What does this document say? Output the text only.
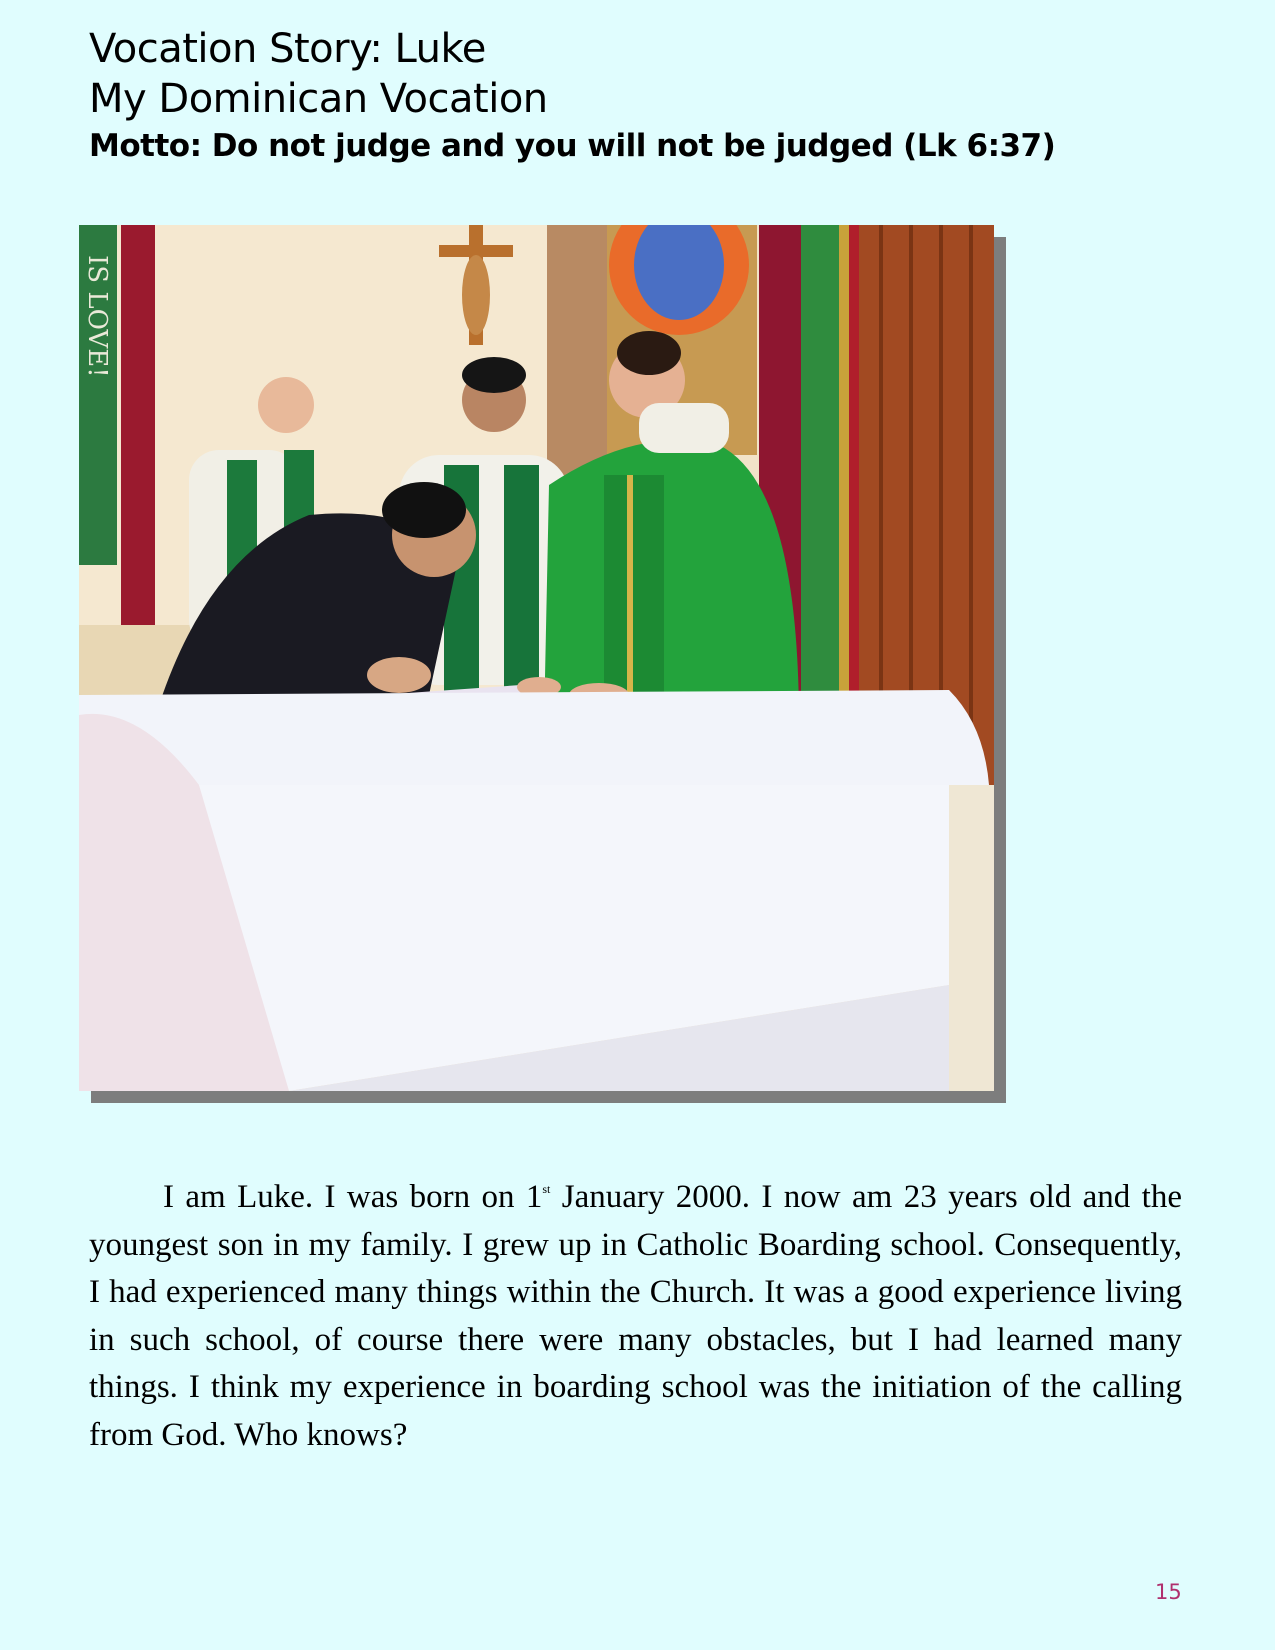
Vocation Story: Luke
My Dominican Vocation
Motto: Do not judge and you will not be judged (Lk 6:37)
IS LOVE!

I am Luke. I was born on 1st January 2000. I now am 23 years old and the youngest son in my family. I grew up in Catholic Boarding school. Consequently, I had experienced many things within the Church. It was a good experience living in such school, of course there were many obstacles, but I had learned many things. I think my experience in boarding school was the initiation of the calling from God. Who knows?

15
